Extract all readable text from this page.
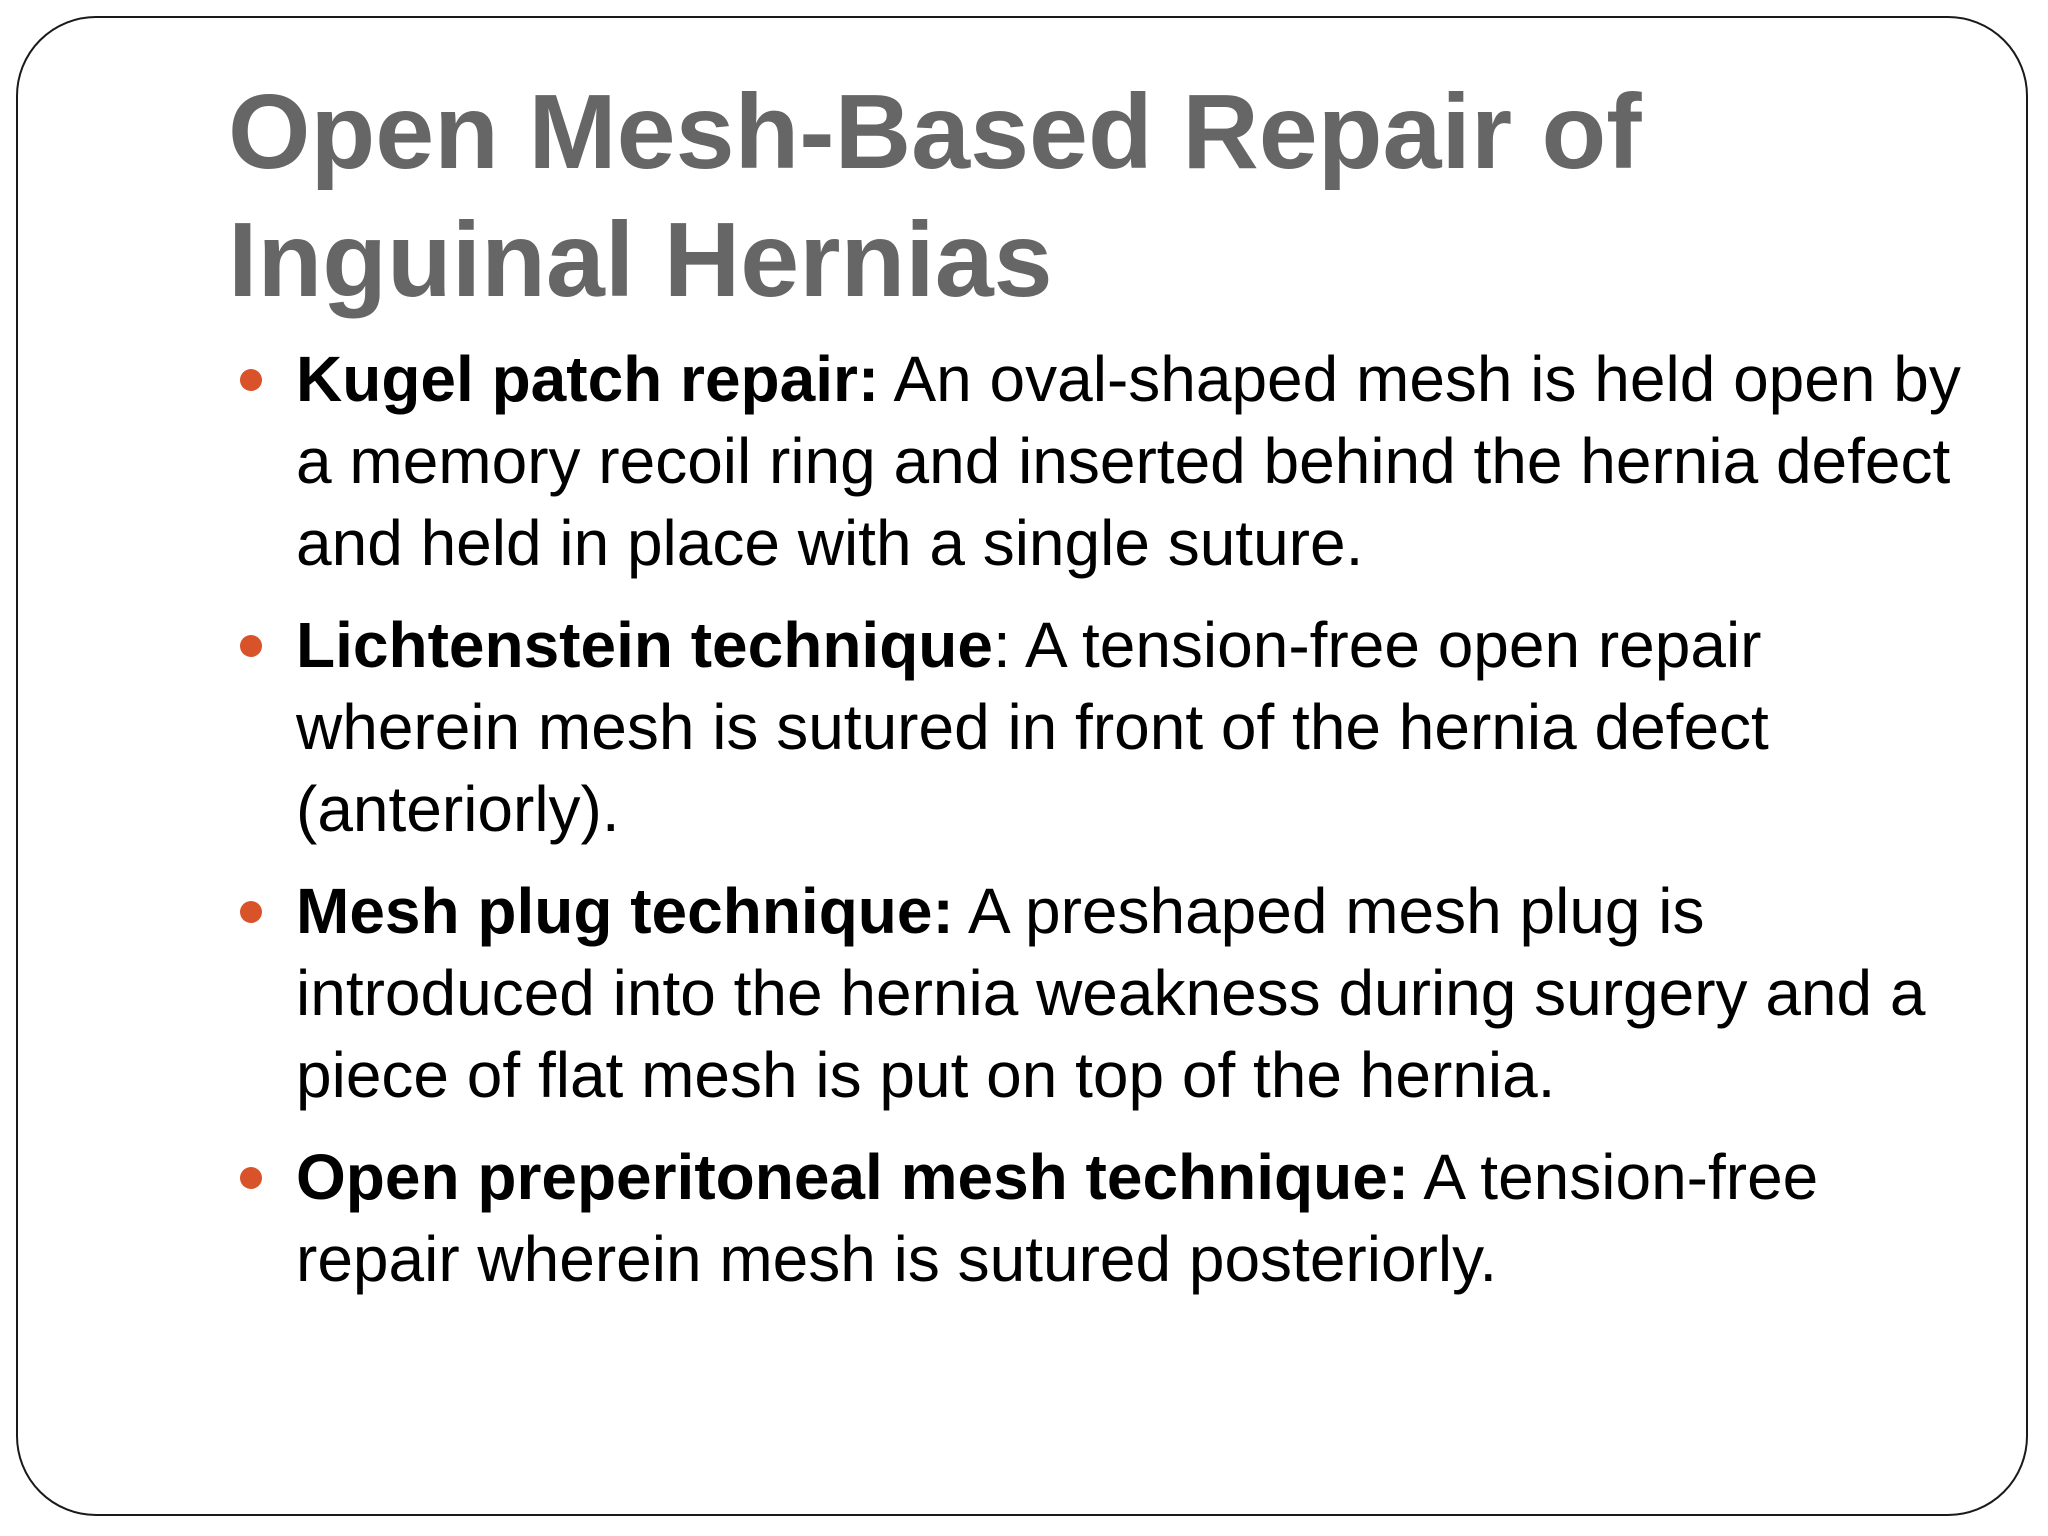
Open Mesh-Based Repair of Inguinal Hernias
Kugel patch repair: An oval-shaped mesh is held open by a memory recoil ring and inserted behind the hernia defect and held in place with a single suture.
Lichtenstein technique: A tension-free open repair wherein mesh is sutured in front of the hernia defect (anteriorly).
Mesh plug technique: A preshaped mesh plug is introduced into the hernia weakness during surgery and a piece of flat mesh is put on top of the hernia.
Open preperitoneal mesh technique: A tension-free repair wherein mesh is sutured posteriorly.
